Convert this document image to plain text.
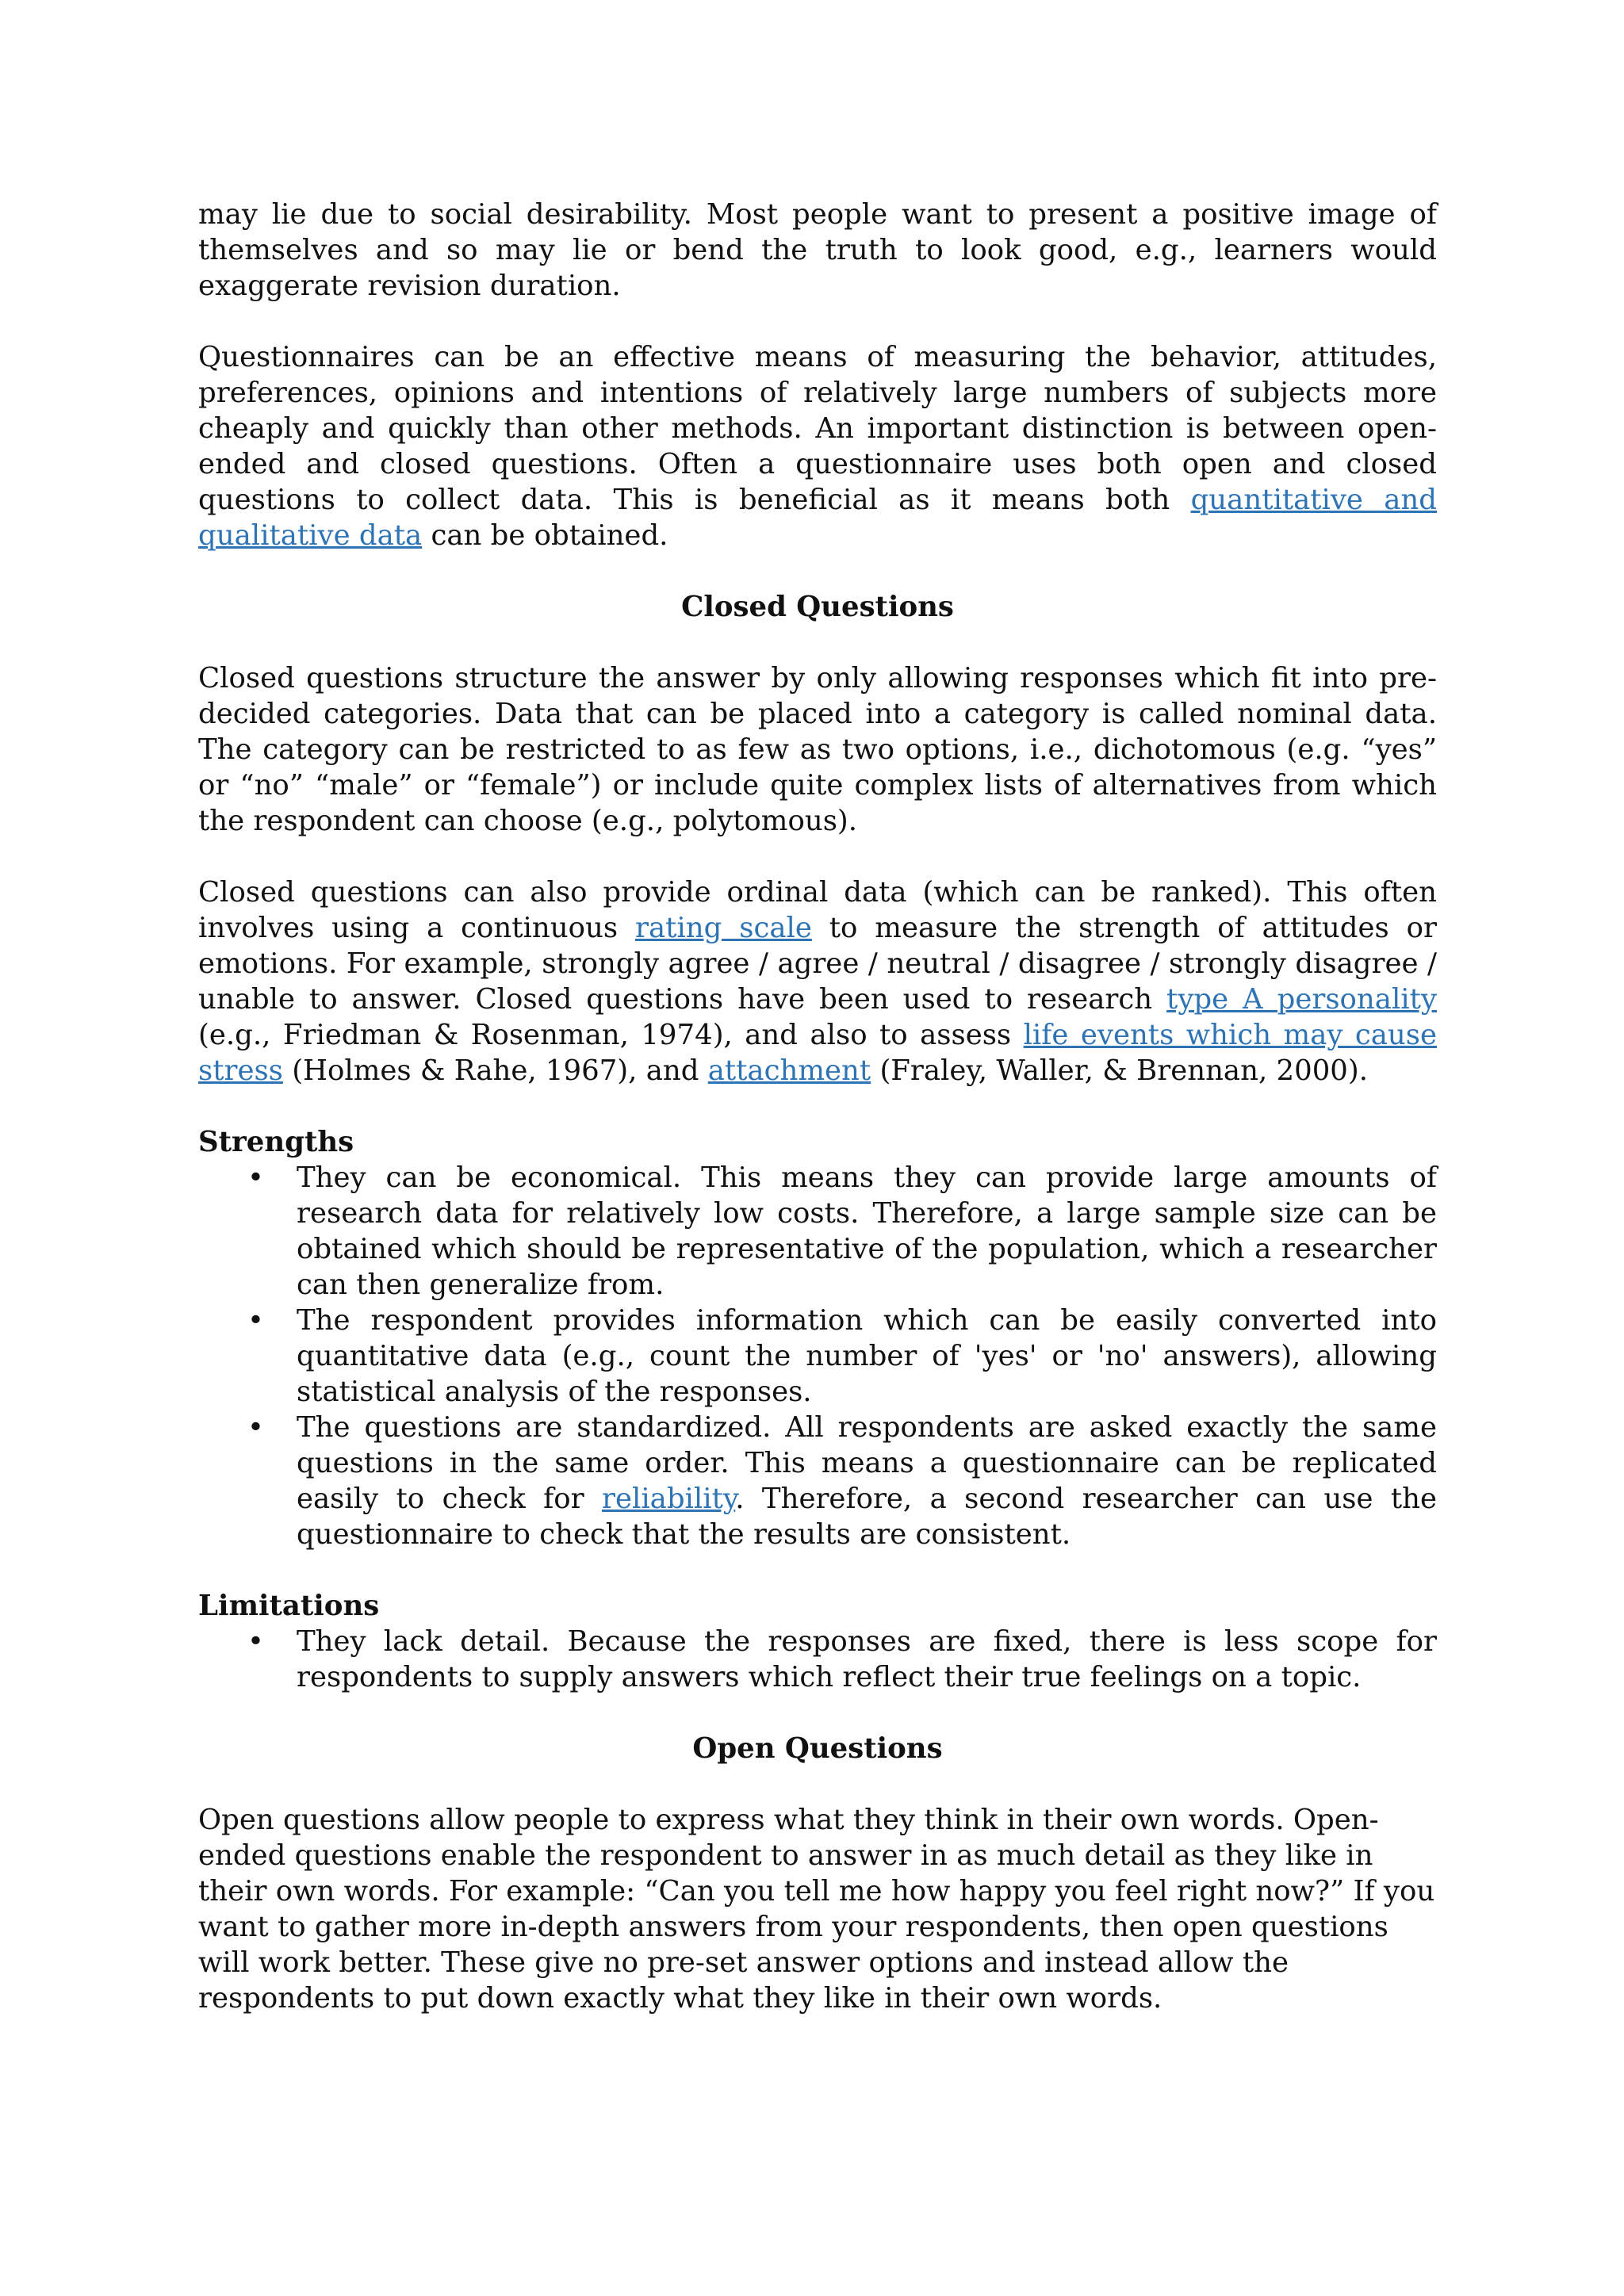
may lie due to social desirability. Most people want to present a positive image of themselves and so may lie or bend the truth to look good, e.g., learners would exaggerate revision duration.

Questionnaires can be an effective means of measuring the behavior, attitudes, preferences, opinions and intentions of relatively large numbers of subjects more cheaply and quickly than other methods. An important distinction is between open-ended and closed questions. Often a questionnaire uses both open and closed questions to collect data. This is beneficial as it means both quantitative and qualitative data can be obtained.

Closed Questions

Closed questions structure the answer by only allowing responses which fit into pre-decided categories. Data that can be placed into a category is called nominal data. The category can be restricted to as few as two options, i.e., dichotomous (e.g. “yes” or “no” “male” or “female”) or include quite complex lists of alternatives from which the respondent can choose (e.g., polytomous).

Closed questions can also provide ordinal data (which can be ranked). This often involves using a continuous rating scale to measure the strength of attitudes or emotions. For example, strongly agree / agree / neutral / disagree / strongly disagree / unable to answer. Closed questions have been used to research type A personality (e.g., Friedman & Rosenman, 1974), and also to assess life events which may cause stress (Holmes & Rahe, 1967), and attachment (Fraley, Waller, & Brennan, 2000).

Strengths
• They can be economical. This means they can provide large amounts of research data for relatively low costs. Therefore, a large sample size can be obtained which should be representative of the population, which a researcher can then generalize from.
• The respondent provides information which can be easily converted into quantitative data (e.g., count the number of 'yes' or 'no' answers), allowing statistical analysis of the responses.
• The questions are standardized. All respondents are asked exactly the same questions in the same order. This means a questionnaire can be replicated easily to check for reliability. Therefore, a second researcher can use the questionnaire to check that the results are consistent.
Limitations
• They lack detail. Because the responses are fixed, there is less scope for respondents to supply answers which reflect their true feelings on a topic.
Open Questions

Open questions allow people to express what they think in their own words. Open-ended questions enable the respondent to answer in as much detail as they like in their own words. For example: “Can you tell me how happy you feel right now?” If you want to gather more in-depth answers from your respondents, then open questions will work better. These give no pre-set answer options and instead allow the respondents to put down exactly what they like in their own words.
